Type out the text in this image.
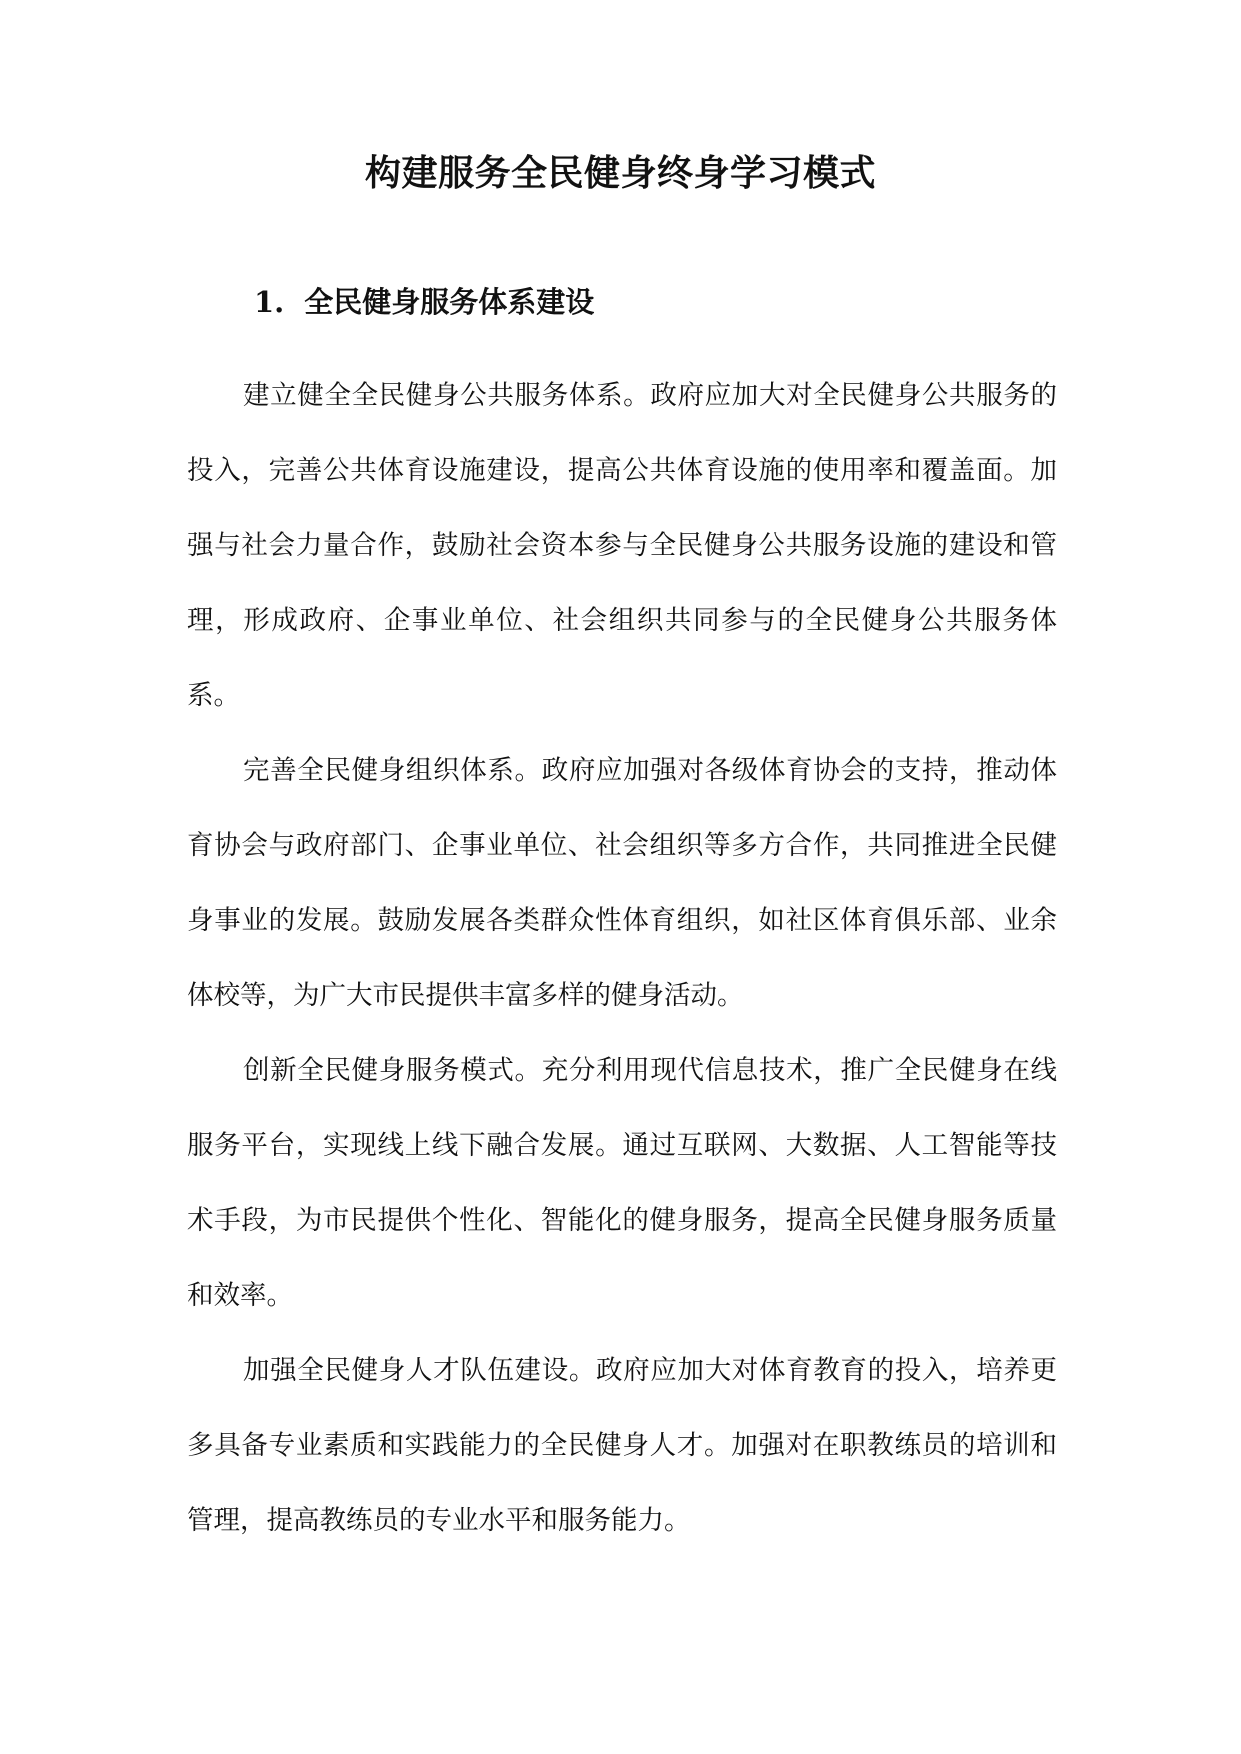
构建服务全民健身终身学习模式
1. 全民健身服务体系建设

建立健全全民健身公共服务体系。政府应加大对全民健身公共服务的投入，完善公共体育设施建设，提高公共体育设施的使用率和覆盖面。加强与社会力量合作，鼓励社会资本参与全民健身公共服务设施的建设和管理，形成政府、企事业单位、社会组织共同参与的全民健身公共服务体系。

完善全民健身组织体系。政府应加强对各级体育协会的支持，推动体育协会与政府部门、企事业单位、社会组织等多方合作，共同推进全民健身事业的发展。鼓励发展各类群众性体育组织，如社区体育俱乐部、业余体校等，为广大市民提供丰富多样的健身活动。

创新全民健身服务模式。充分利用现代信息技术，推广全民健身在线服务平台，实现线上线下融合发展。通过互联网、大数据、人工智能等技术手段，为市民提供个性化、智能化的健身服务，提高全民健身服务质量和效率。

加强全民健身人才队伍建设。政府应加大对体育教育的投入，培养更多具备专业素质和实践能力的全民健身人才。加强对在职教练员的培训和管理，提高教练员的专业水平和服务能力。
